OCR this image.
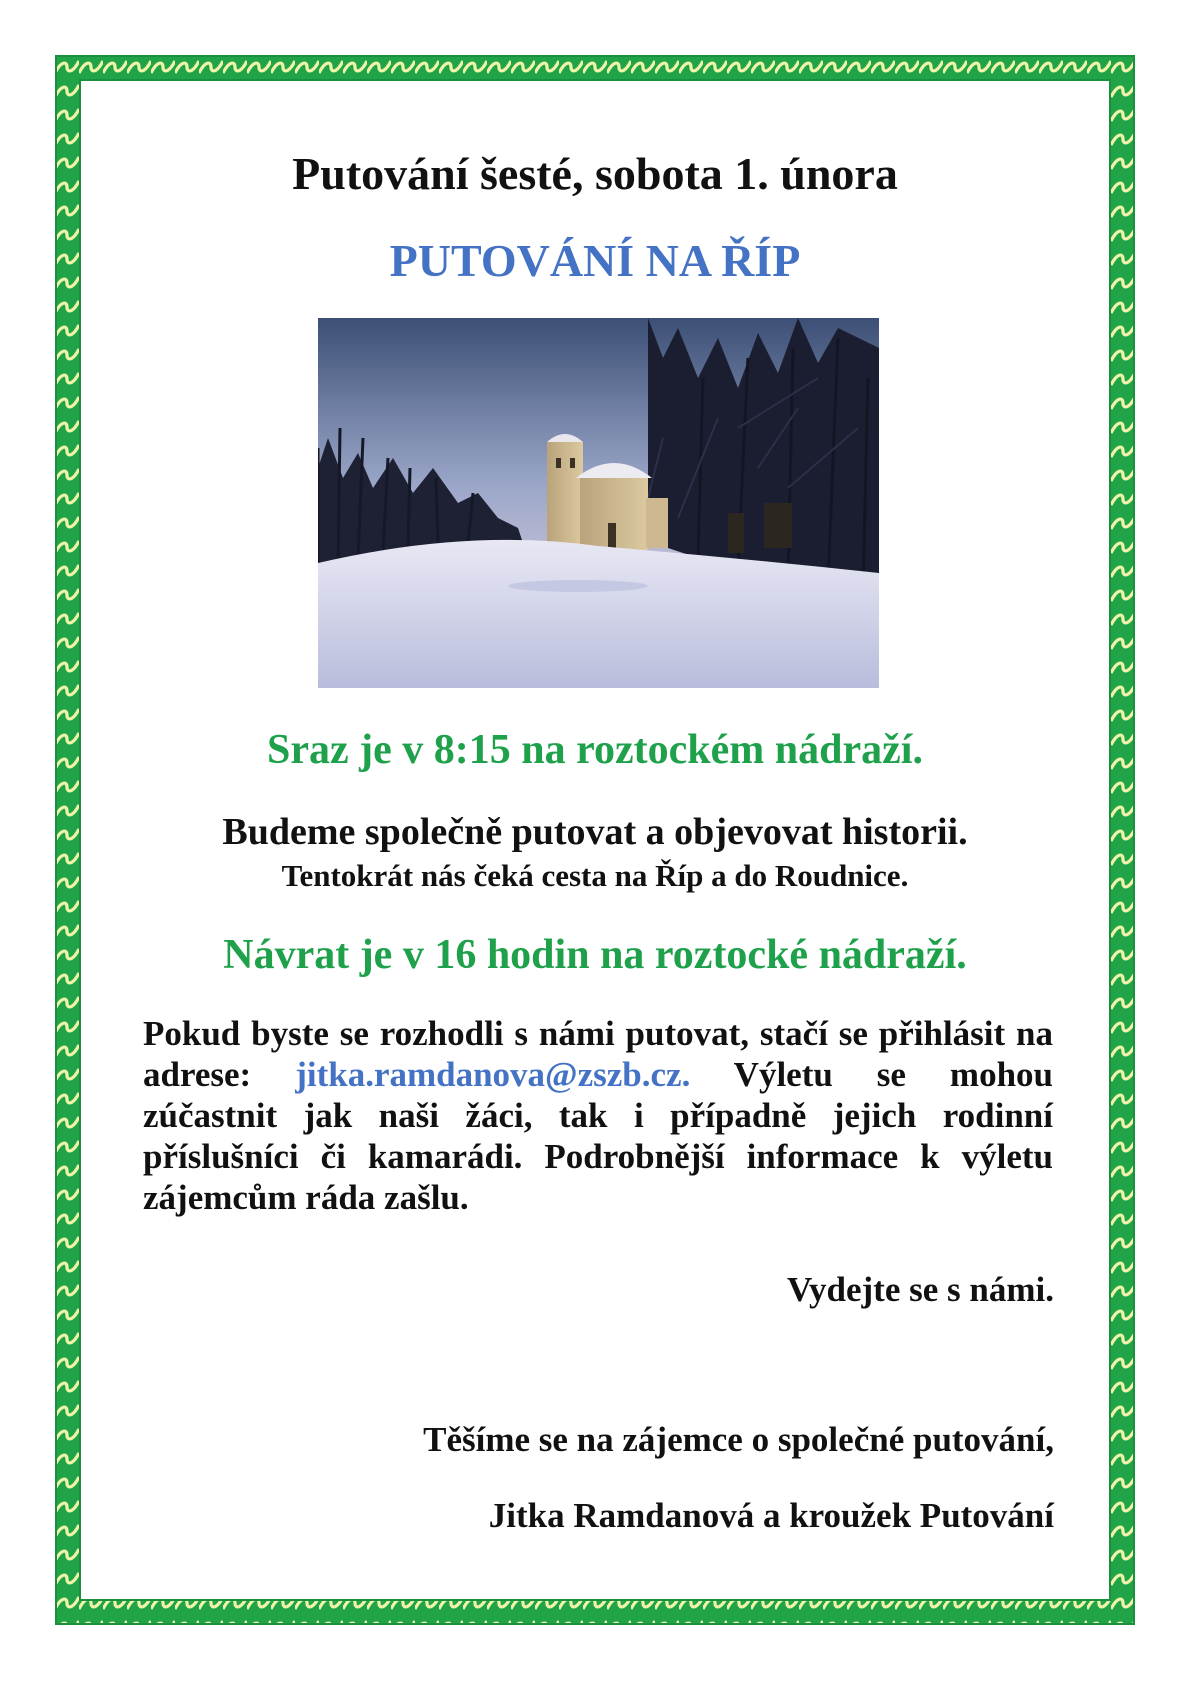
Putování šesté, sobota 1. února
PUTOVÁNÍ NA ŘÍP
Sraz je v 8:15 na roztockém nádraží.
Budeme společně putovat a objevovat historii.
Tentokrát nás čeká cesta na Říp a do Roudnice.
Návrat je v 16 hodin na roztocké nádraží.
Pokud byste se rozhodli s námi putovat, stačí se přihlásit na adrese: jitka.ramdanova@zszb.cz. Výletu se mohou zúčastnit jak naši žáci, tak i případně jejich rodinní příslušníci či kamarádi. Podrobnější informace k výletu zájemcům ráda zašlu.
Vydejte se s námi.
Těšíme se na zájemce o společné putování,
Jitka Ramdanová a kroužek Putování
